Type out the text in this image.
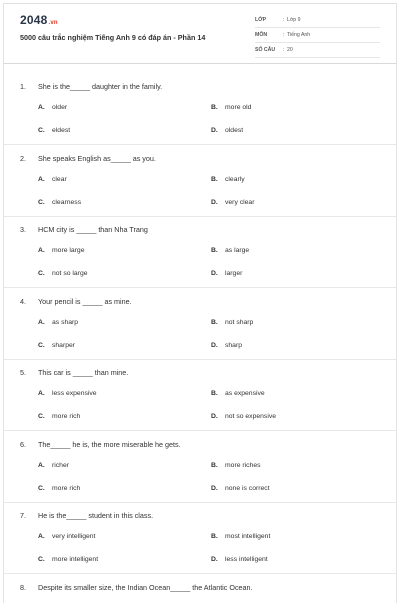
2048.vn
5000 câu trắc nghiệm Tiếng Anh 9 có đáp án - Phần 14
LỚP	: Lớp 9
MÔN	: Tiếng Anh
SỐ CÂU	: 20
1. She is the_____ daughter in the family.
A. older	B. more old
C. eldest	D. oldest
2. She speaks English as_____ as you.
A. clear	B. clearly
C. clearness	D. very clear
3. HCM city is _____ than Nha Trang
A. more large	B. as large
C. not so large	D. larger
4. Your pencil is _____ as mine.
A. as sharp	B. not sharp
C. sharper	D. sharp
5. This car is _____ than mine.
A. less expensive	B. as expensive
C. more rich	D. not so expensive
6. The_____ he is, the more miserable he gets.
A. richer	B. more riches
C. more rich	D. none is correct
7. He is the_____ student in this class.
A. very intelligent	B. most intelligent
C. more intelligent	D. less intelligent
8. Despite its smaller size, the Indian Ocean_____ the Atlantic Ocean.
